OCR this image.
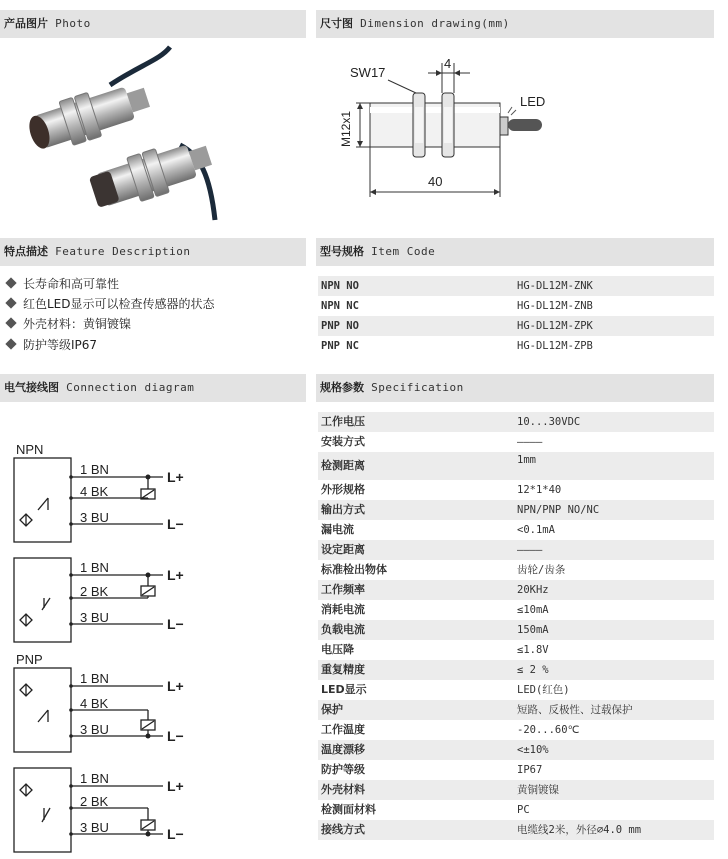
产品图片 Photo	尺寸图 Dimension drawing(mm)
特点描述 Feature Description	型号规格 Item Code
电气接线图 Connection diagram	规格参数 Specification
LED
SW17
4
M12x1
40
长寿命和高可靠性
红色LED显示可以检查传感器的状态
外壳材料：黄铜镀镍
防护等级IP67
NPN NO	HG-DL12M-ZNK
NPN NC	HG-DL12M-ZNB
PNP NO	HG-DL12M-ZPK
PNP NC	HG-DL12M-ZPB
NPN
PNP
1 BN
4 BK
3 BU
1 BN
2 BK
3 BU
1 BN
4 BK
3 BU
1 BN
2 BK
3 BU
L+
L−
L+
L−
L+
L−
L+
L−
工作电压	10...30VDC
安装方式	————
检测距离	1mm
外形规格	12*1*40
输出方式	NPN/PNP NO/NC
漏电流	<0.1mA
设定距离	————
标准检出物体	齿轮/齿条
工作频率	20KHz
消耗电流	≤10mA
负载电流	150mA
电压降	≤1.8V
重复精度	≤ 2 %
LED显示	LED(红色)
保护	短路、反极性、过载保护
工作温度	-20...60℃
温度漂移	<±10%
防护等级	IP67
外壳材料	黄铜镀镍
检测面材料	PC
接线方式	电缆线2米，外径⌀4.0 mm
